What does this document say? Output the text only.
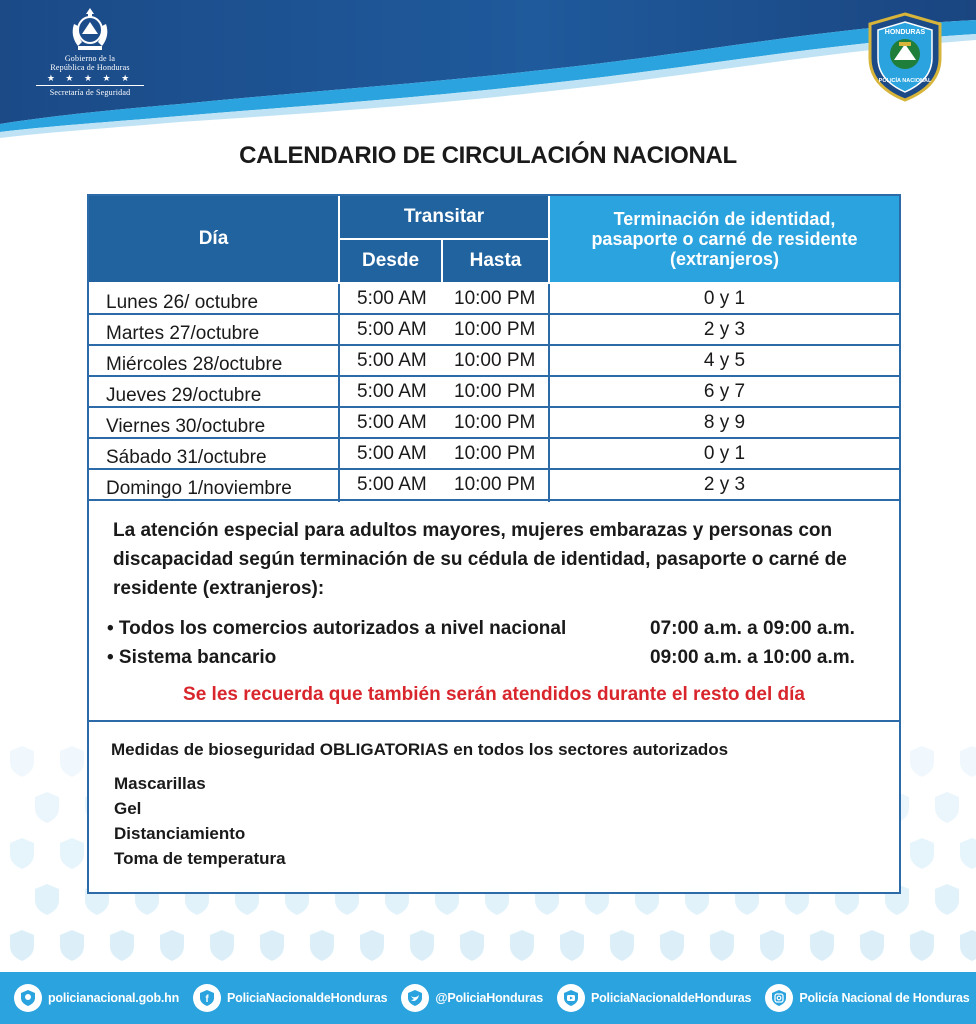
Gobierno de la
República de Honduras
★ ★ ★ ★ ★
Secretaría de Seguridad
HONDURAS
POLICÍA NACIONAL
CALENDARIO DE CIRCULACIÓN NACIONAL
Día
Transitar
Desde	Hasta
Terminación de identidad, pasaporte o carné de residente (extranjeros)
Lunes 26/ octubre	5:00 AM	10:00 PM	0 y 1
Martes 27/octubre	5:00 AM	10:00 PM	2 y 3
Miércoles 28/octubre	5:00 AM	10:00 PM	4 y 5
Jueves 29/octubre	5:00 AM	10:00 PM	6 y 7
Viernes 30/octubre	5:00 AM	10:00 PM	8 y 9
Sábado 31/octubre	5:00 AM	10:00 PM	0 y 1
Domingo 1/noviembre	5:00 AM	10:00 PM	2 y 3
La atención especial para adultos mayores, mujeres embarazas y personas con discapacidad según terminación de su cédula de identidad, pasaporte o carné de residente (extranjeros):
• Todos los comercios autorizados a nivel nacional	07:00 a.m. a 09:00 a.m.
• Sistema bancario	09:00 a.m. a 10:00 a.m.
Se les recuerda que también serán atendidos durante el resto del día
Medidas de bioseguridad OBLIGATORIAS en todos los sectores autorizados
Mascarillas
Gel
Distanciamiento
Toma de temperatura
policianacional.gob.hn	f PoliciaNacionaldeHonduras	@PoliciaHonduras	PoliciaNacionaldeHonduras	Policía Nacional de Honduras
